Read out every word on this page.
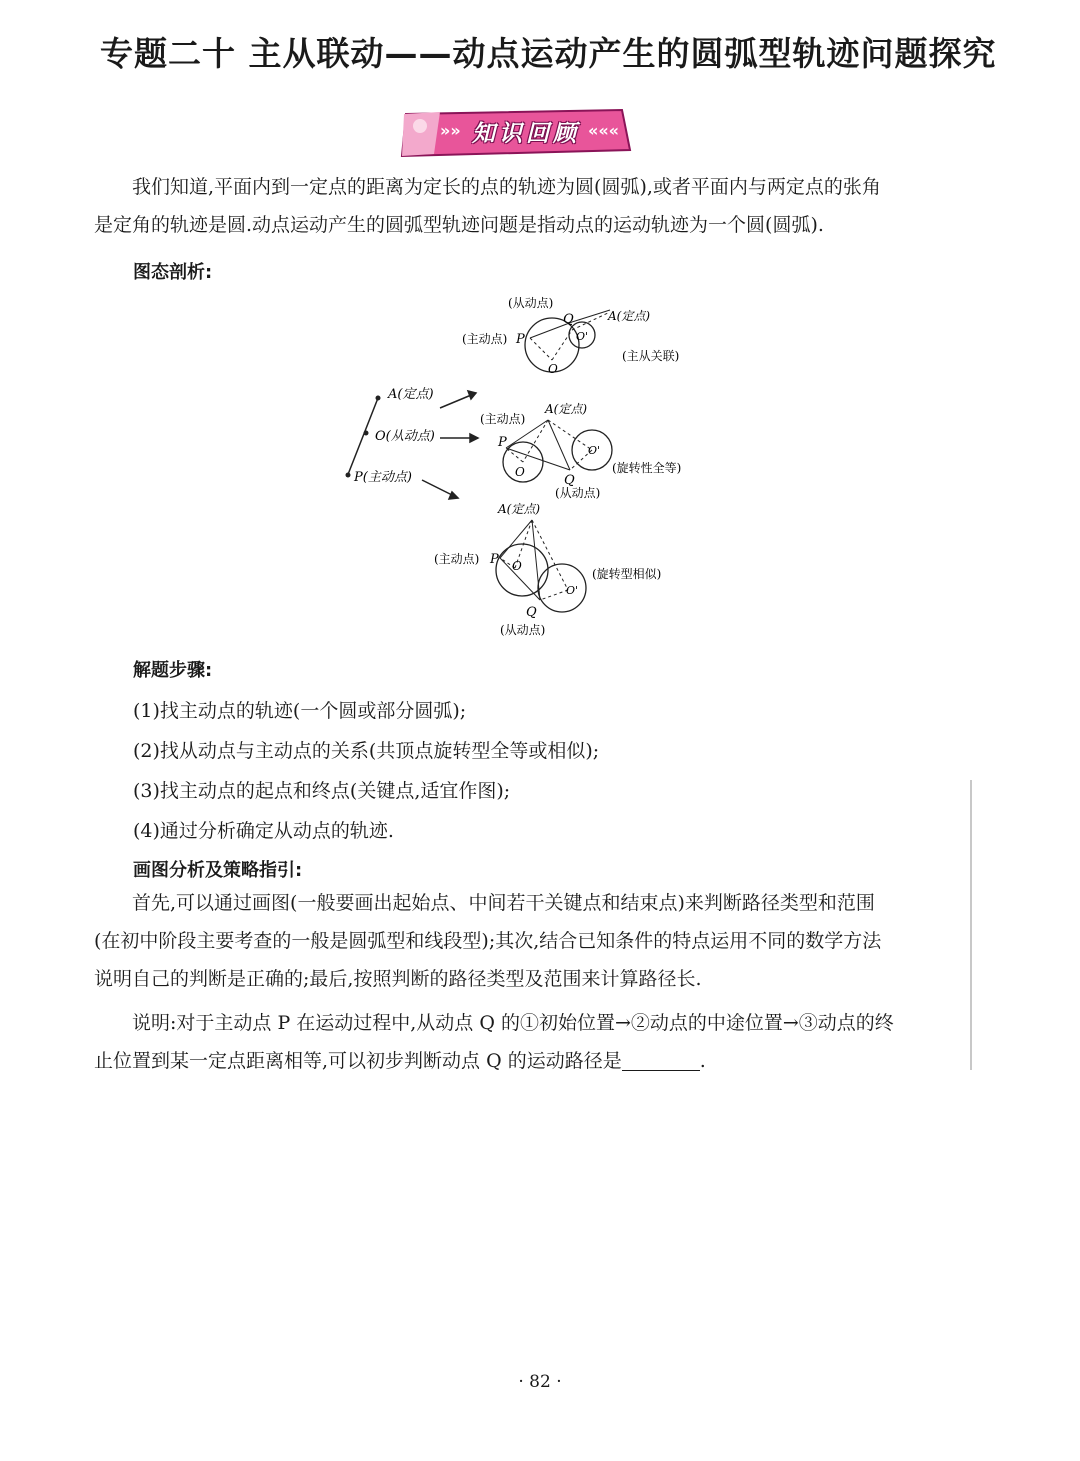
专题二十 主从联动——动点运动产生的圆弧型轨迹问题探究
»» 知识回顾 «««
我们知道,平面内到一定点的距离为定长的点的轨迹为圆(圆弧),或者平面内与两定点的张角
是定角的轨迹是圆.动点运动产生的圆弧型轨迹问题是指动点的运动轨迹为一个圆(圆弧).
图态剖析:
A(定点)
O(从动点)
P(主动点)
(从动点)
Q	A(定点)
(主动点) P
O
O'
(主从关联)
(主动点)
A(定点)
P
O
O'
Q
(从动点)
(旋转性全等)
A(定点)
(主动点) P O
O'
Q
(从动点)
(旋转型相似)
解题步骤:
(1)找主动点的轨迹(一个圆或部分圆弧);
(2)找从动点与主动点的关系(共顶点旋转型全等或相似);
(3)找主动点的起点和终点(关键点,适宜作图);
(4)通过分析确定从动点的轨迹.
画图分析及策略指引:
首先,可以通过画图(一般要画出起始点、中间若干关键点和结束点)来判断路径类型和范围
(在初中阶段主要考查的一般是圆弧型和线段型);其次,结合已知条件的特点运用不同的数学方法
说明自己的判断是正确的;最后,按照判断的路径类型及范围来计算路径长.
说明:对于主动点 P 在运动过程中,从动点 Q 的①初始位置→②动点的中途位置→③动点的终
止位置到某一定点距离相等,可以初步判断动点 Q 的运动路径是	.
· 82 ·
